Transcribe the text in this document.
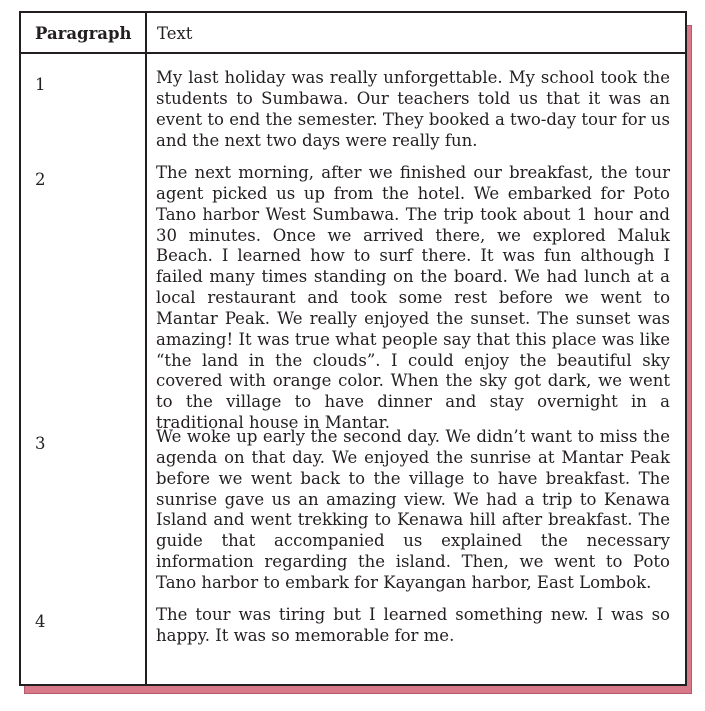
Paragraph Text
1	My last holiday was really unforgettable. My school took the students to Sumbawa. Our teachers told us that it was an event to end the semester. They booked a two-day tour for us and the next two days were really fun.

2	The next morning, after we finished our breakfast, the tour agent picked us up from the hotel. We embarked for Poto Tano harbor West Sumbawa. The trip took about 1 hour and 30 minutes. Once we arrived there, we explored Maluk Beach. I learned how to surf there. It was fun although I failed many times standing on the board. We had lunch at a local restaurant and took some rest before we went to Mantar Peak. We really enjoyed the sunset. The sunset was amazing! It was true what people say that this place was like “the land in the clouds”. I could enjoy the beautiful sky covered with orange color. When the sky got dark, we went to the village to have dinner and stay overnight in a traditional house in Mantar.

3	We woke up early the second day. We didn’t want to miss the agenda on that day. We enjoyed the sunrise at Mantar Peak before we went back to the village to have breakfast. The sunrise gave us an amazing view. We had a trip to Kenawa Island and went trekking to Kenawa hill after breakfast. The guide that accompanied us explained the necessary information regarding the island. Then, we went to Poto Tano harbor to embark for Kayangan harbor, East Lombok.

4	The tour was tiring but I learned something new. I was so happy. It was so memorable for me.
